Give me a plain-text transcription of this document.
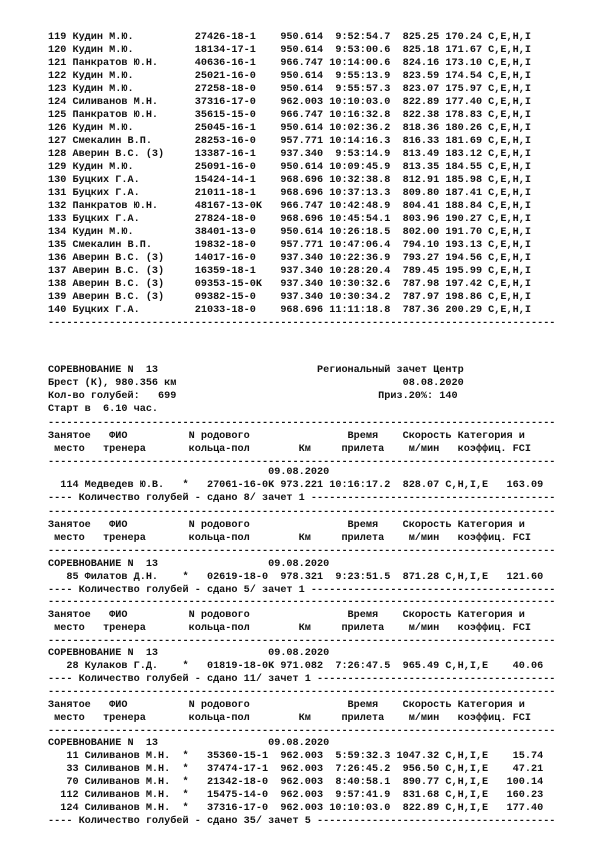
119 Кудин М.Ю.          27426-18-1    950.614  9:52:54.7  825.25 170.24 C,E,H,I
120 Кудин М.Ю.          18134-17-1    950.614  9:53:00.6  825.18 171.67 C,E,H,I
121 Панкратов Ю.Н.      40636-16-1    966.747 10:14:00.6  824.16 173.10 C,E,H,I
122 Кудин М.Ю.          25021-16-0    950.614  9:55:13.9  823.59 174.54 C,E,H,I
123 Кудин М.Ю.          27258-18-0    950.614  9:55:57.3  823.07 175.97 C,E,H,I
124 Силиванов М.Н.      37316-17-0    962.003 10:10:03.0  822.89 177.40 C,E,H,I
125 Панкратов Ю.Н.      35615-15-0    966.747 10:16:32.8  822.38 178.83 C,E,H,I
126 Кудин М.Ю.          25045-16-1    950.614 10:02:36.2  818.36 180.26 C,E,H,I
127 Смекалин В.П.       28253-16-0    957.771 10:14:16.3  816.33 181.69 C,E,H,I
128 Аверин В.С. (3)     13387-16-1    937.340  9:53:14.9  813.49 183.12 C,E,H,I
129 Кудин М.Ю.          25091-16-0    950.614 10:09:45.9  813.35 184.55 C,E,H,I
130 Буцких Г.А.         15424-14-1    968.696 10:32:38.8  812.91 185.98 C,E,H,I
131 Буцких Г.А.         21011-18-1    968.696 10:37:13.3  809.80 187.41 C,E,H,I
132 Панкратов Ю.Н.      48167-13-0K   966.747 10:42:48.9  804.41 188.84 C,E,H,I
133 Буцких Г.А.         27824-18-0    968.696 10:45:54.1  803.96 190.27 C,E,H,I
134 Кудин М.Ю.          38401-13-0    950.614 10:26:18.5  802.00 191.70 C,E,H,I
135 Смекалин В.П.       19832-18-0    957.771 10:47:06.4  794.10 193.13 C,E,H,I
136 Аверин В.С. (3)     14017-16-0    937.340 10:22:36.9  793.27 194.56 C,E,H,I
137 Аверин В.С. (3)     16359-18-1    937.340 10:28:20.4  789.45 195.99 C,E,H,I
138 Аверин В.С. (3)     09353-15-0K   937.340 10:30:32.6  787.98 197.42 C,E,H,I
139 Аверин В.С. (3)     09382-15-0    937.340 10:30:34.2  787.97 198.86 C,E,H,I
140 Буцких Г.А.         21033-18-0    968.696 11:11:18.8  787.36 200.29 C,E,H,I
-----------------------------------------------------------------------------------
СОРЕВНОВАНИЕ N  13                          Региональный зачет Центр
Брест (К), 980.356 км                                     08.08.2020
Кол-во голубей:   699                                 Приз.20%: 140
Старт в  6.10 час.
-----------------------------------------------------------------------------------
Занятое   ФИО          N родового                Время    Скорость Категория и
место   тренера       кольца-пол        Км     прилета    м/мин   коэффиц. FCI
-----------------------------------------------------------------------------------
09.08.2020
114 Медведев Ю.В.   *   27061-16-0K 973.221 10:16:17.2  828.07 C,H,I,E   163.09
---- Количество голубей - сдано 8/ зачет 1 ----------------------------------------
-----------------------------------------------------------------------------------
Занятое   ФИО          N родового                Время    Скорость Категория и
место   тренера       кольца-пол        Км     прилета    м/мин   коэффиц. FCI
-----------------------------------------------------------------------------------
СОРЕВНОВАНИЕ N  13                  09.08.2020
85 Филатов Д.Н.    *   02619-18-0  978.321  9:23:51.5  871.28 C,H,I,E   121.60
---- Количество голубей - сдано 5/ зачет 1 ----------------------------------------
-----------------------------------------------------------------------------------
Занятое   ФИО          N родового                Время    Скорость Категория и
место   тренера       кольца-пол        Км     прилета    м/мин   коэффиц. FCI
-----------------------------------------------------------------------------------
СОРЕВНОВАНИЕ N  13                  09.08.2020
28 Кулаков Г.Д.    *   01819-18-0K 971.082  7:26:47.5  965.49 C,H,I,E    40.06
---- Количество голубей - сдано 11/ зачет 1 ---------------------------------------
-----------------------------------------------------------------------------------
Занятое   ФИО          N родового                Время    Скорость Категория и
место   тренера       кольца-пол        Км     прилета    м/мин   коэффиц. FCI
-----------------------------------------------------------------------------------
СОРЕВНОВАНИЕ N  13                  09.08.2020
11 Силиванов М.Н.  *   35360-15-1  962.003  5:59:32.3 1047.32 C,H,I,E    15.74
33 Силиванов М.Н.  *   37474-17-1  962.003  7:26:45.2  956.50 C,H,I,E    47.21
70 Силиванов М.Н.  *   21342-18-0  962.003  8:40:58.1  890.77 C,H,I,E   100.14
112 Силиванов М.Н.  *   15475-14-0  962.003  9:57:41.9  831.68 C,H,I,E   160.23
124 Силиванов М.Н.  *   37316-17-0  962.003 10:10:03.0  822.89 C,H,I,E   177.40
---- Количество голубей - сдано 35/ зачет 5 ---------------------------------------
